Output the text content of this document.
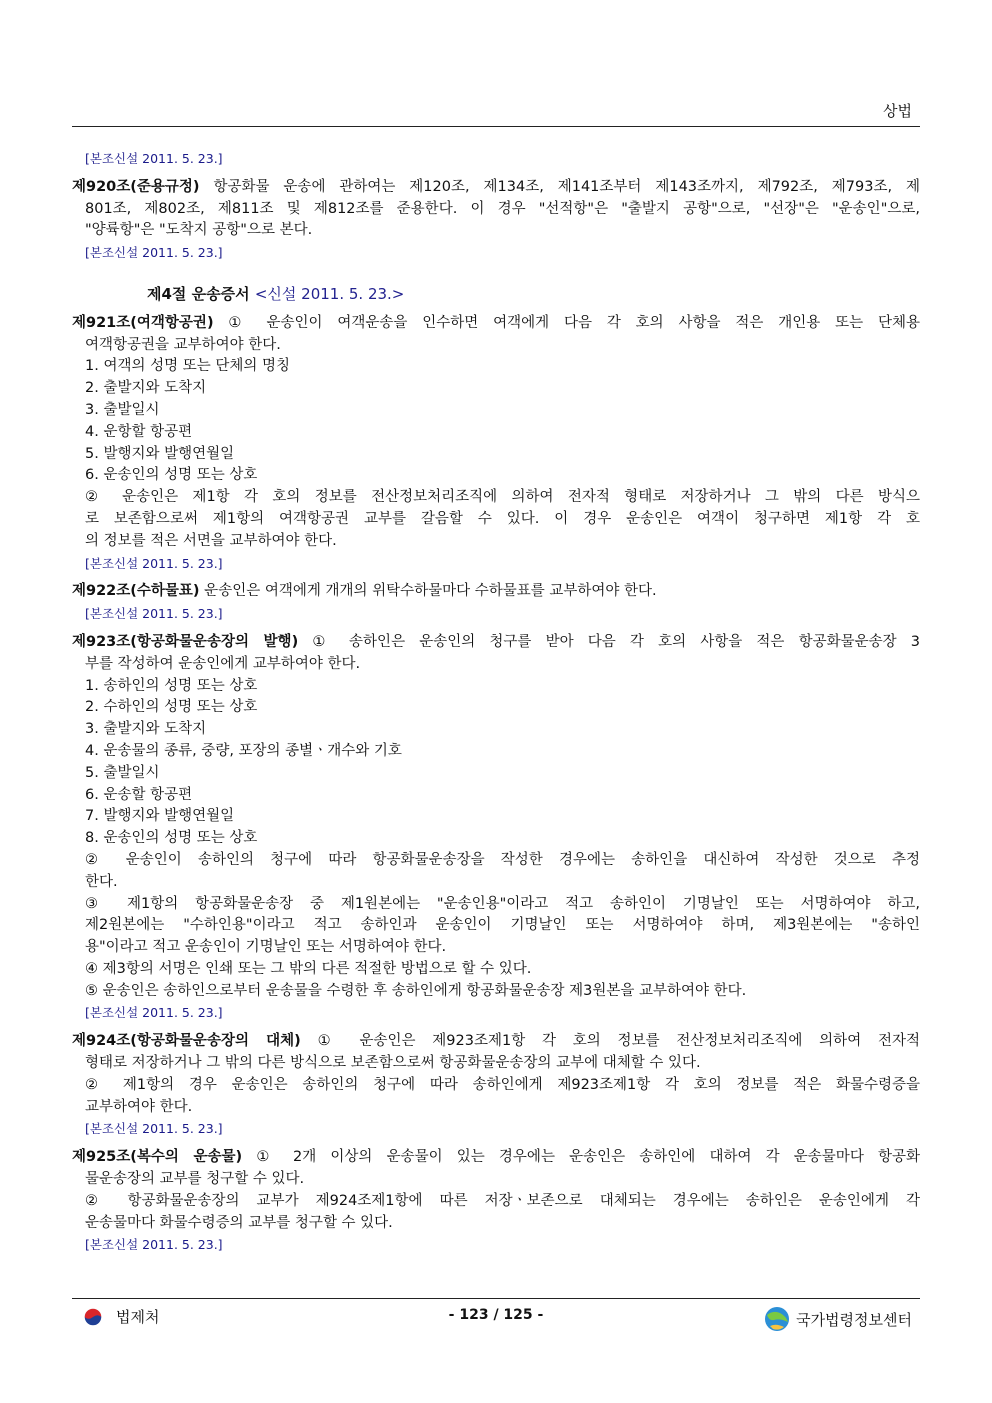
상법
[본조신설 2011. 5. 23.]
제920조(준용규정) 항공화물 운송에 관하여는 제120조, 제134조, 제141조부터 제143조까지, 제792조, 제793조, 제
801조, 제802조, 제811조 및 제812조를 준용한다. 이 경우 "선적항"은 "출발지 공항"으로, "선장"은 "운송인"으로,
"양륙항"은 "도착지 공항"으로 본다.
[본조신설 2011. 5. 23.]
제4절 운송증서 <신설 2011. 5. 23.>
제921조(여객항공권) ① 운송인이 여객운송을 인수하면 여객에게 다음 각 호의 사항을 적은 개인용 또는 단체용
여객항공권을 교부하여야 한다.
1. 여객의 성명 또는 단체의 명칭
2. 출발지와 도착지
3. 출발일시
4. 운항할 항공편
5. 발행지와 발행연월일
6. 운송인의 성명 또는 상호
② 운송인은 제1항 각 호의 정보를 전산정보처리조직에 의하여 전자적 형태로 저장하거나 그 밖의 다른 방식으
로 보존함으로써 제1항의 여객항공권 교부를 갈음할 수 있다. 이 경우 운송인은 여객이 청구하면 제1항 각 호
의 정보를 적은 서면을 교부하여야 한다.
[본조신설 2011. 5. 23.]
제922조(수하물표) 운송인은 여객에게 개개의 위탁수하물마다 수하물표를 교부하여야 한다.
[본조신설 2011. 5. 23.]
제923조(항공화물운송장의 발행) ① 송하인은 운송인의 청구를 받아 다음 각 호의 사항을 적은 항공화물운송장 3
부를 작성하여 운송인에게 교부하여야 한다.
1. 송하인의 성명 또는 상호
2. 수하인의 성명 또는 상호
3. 출발지와 도착지
4. 운송물의 종류, 중량, 포장의 종별ㆍ개수와 기호
5. 출발일시
6. 운송할 항공편
7. 발행지와 발행연월일
8. 운송인의 성명 또는 상호
② 운송인이 송하인의 청구에 따라 항공화물운송장을 작성한 경우에는 송하인을 대신하여 작성한 것으로 추정
한다.
③ 제1항의 항공화물운송장 중 제1원본에는 "운송인용"이라고 적고 송하인이 기명날인 또는 서명하여야 하고,
제2원본에는 "수하인용"이라고 적고 송하인과 운송인이 기명날인 또는 서명하여야 하며, 제3원본에는 "송하인
용"이라고 적고 운송인이 기명날인 또는 서명하여야 한다.
④ 제3항의 서명은 인쇄 또는 그 밖의 다른 적절한 방법으로 할 수 있다.
⑤ 운송인은 송하인으로부터 운송물을 수령한 후 송하인에게 항공화물운송장 제3원본을 교부하여야 한다.
[본조신설 2011. 5. 23.]
제924조(항공화물운송장의 대체) ① 운송인은 제923조제1항 각 호의 정보를 전산정보처리조직에 의하여 전자적
형태로 저장하거나 그 밖의 다른 방식으로 보존함으로써 항공화물운송장의 교부에 대체할 수 있다.
② 제1항의 경우 운송인은 송하인의 청구에 따라 송하인에게 제923조제1항 각 호의 정보를 적은 화물수령증을
교부하여야 한다.
[본조신설 2011. 5. 23.]
제925조(복수의 운송물) ① 2개 이상의 운송물이 있는 경우에는 운송인은 송하인에 대하여 각 운송물마다 항공화
물운송장의 교부를 청구할 수 있다.
② 항공화물운송장의 교부가 제924조제1항에 따른 저장ㆍ보존으로 대체되는 경우에는 송하인은 운송인에게 각
운송물마다 화물수령증의 교부를 청구할 수 있다.
[본조신설 2011. 5. 23.]
법제처	- 123 / 125 -	국가법령정보센터
